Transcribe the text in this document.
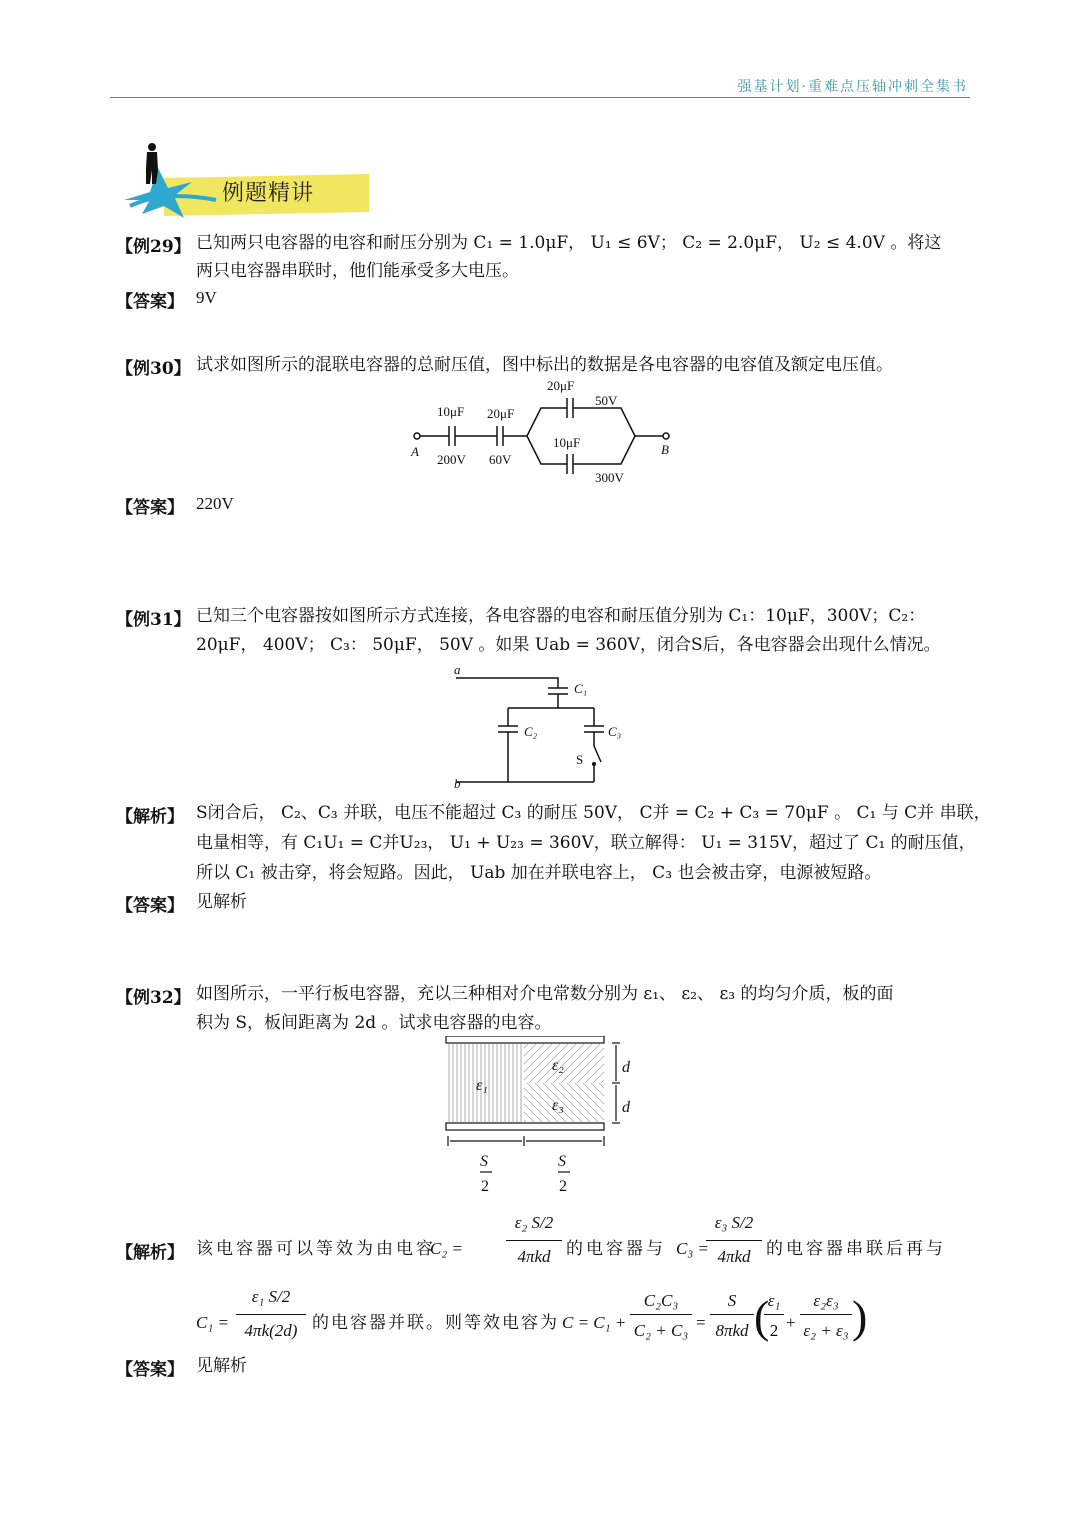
强基计划·重难点压轴冲刺全集书
例题精讲
【例29】 已知两只电容器的电容和耐压分别为 C₁ = 1.0μF， U₁ ≤ 6V； C₂ = 2.0μF， U₂ ≤ 4.0V 。将这
两只电容器串联时，他们能承受多大电压。
【答案】 9V
【例30】 试求如图所示的混联电容器的总耐压值，图中标出的数据是各电容器的电容值及额定电压值。
10μF
200V
20μF
60V
20μF
50V
10μF
300V
A	B
【答案】 220V
【例31】 已知三个电容器按如图所示方式连接，各电容器的电容和耐压值分别为 C₁：10μF，300V；C₂：
20μF， 400V； C₃： 50μF， 50V 。如果 Uab = 360V，闭合S后，各电容器会出现什么情况。
a
b
C₁
C₂	C₃
S
【解析】 S闭合后， C₂、C₃ 并联，电压不能超过 C₃ 的耐压 50V， C并 = C₂ + C₃ = 70μF 。 C₁ 与 C并 串联，
电量相等，有 C₁U₁ = C并U₂₃， U₁ + U₂₃ = 360V，联立解得： U₁ = 315V，超过了 C₁ 的耐压值，
所以 C₁ 被击穿，将会短路。因此， Uab 加在并联电容上， C₃ 也会被击穿，电源被短路。
【答案】 见解析
【例32】 如图所示，一平行板电容器，充以三种相对介电常数分别为 ε₁、 ε₂、 ε₃ 的均匀介质，板的面
积为 S，板间距离为 2d 。试求电容器的电容。
ε₁
ε₂
ε₃
d
d
S	S
2	2
【解析】 该电容器可以等效为由电容
C₂ =
ε₂ S/2
4πkd 的电容器与 C₃ =
ε₃ S/2
4πkd 的电容器串联后再与
C₁ =
ε₁ S/2
4πk(2d) 的电容器并联。则等效电容为 C = C₁ +
C₂C₃
C₂ + C₃ =
S
8πkd (
ε₁
2 +
ε₂ε₃
ε₂ + ε₃ )
【答案】 见解析
